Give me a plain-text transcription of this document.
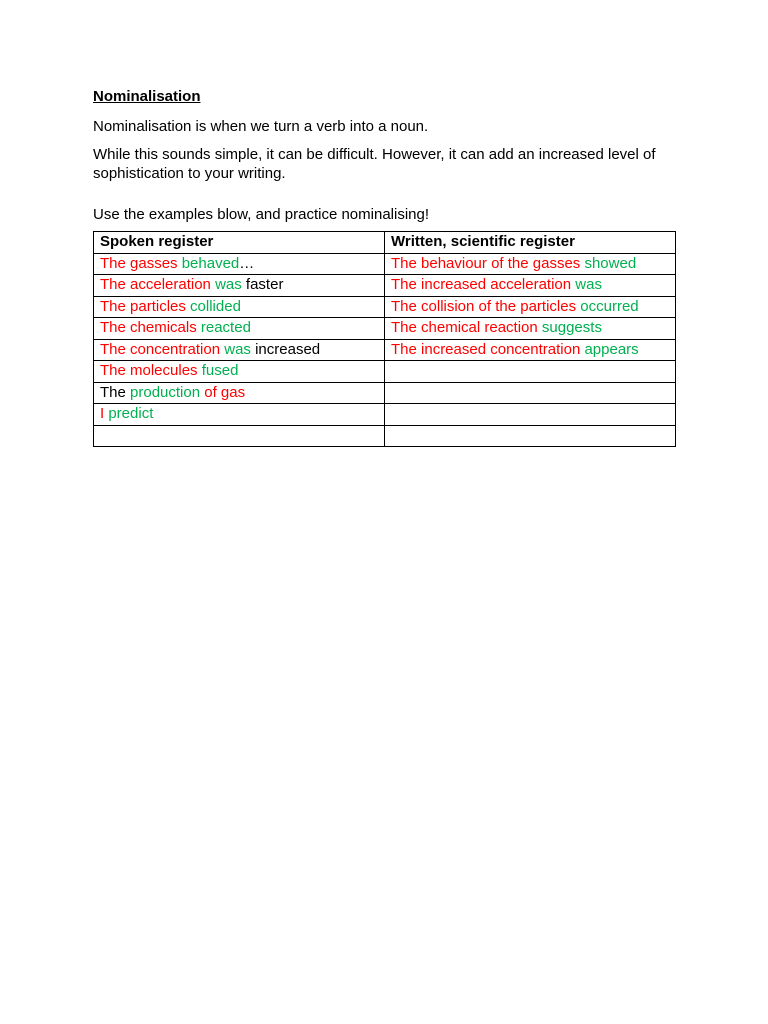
Nominalisation
Nominalisation is when we turn a verb into a noun.
While this sounds simple, it can be difficult. However, it can add an increased level of sophistication to your writing.
Use the examples blow, and practice nominalising!
Spoken register	Written, scientific register
The gasses behaved…	The behaviour of the gasses showed
The acceleration was faster	The increased acceleration was
The particles collided	The collision of the particles occurred
The chemicals reacted	The chemical reaction suggests
The concentration was increased	The increased concentration appears
The molecules fused	
The production of gas	
I predict	
